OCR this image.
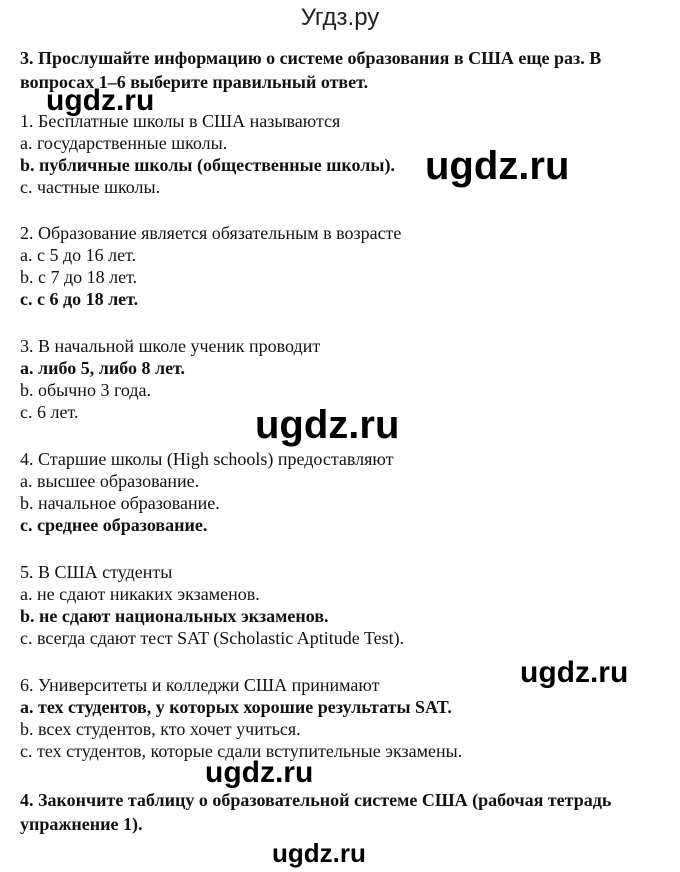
Угдз.ру

3. Прослушайте информацию о системе образования в США еще раз. В вопросах 1–6 выберите правильный ответ.

1. Бесплатные школы в США называются
a. государственные школы.
b. публичные школы (общественные школы).
c. частные школы.
2. Образование является обязательным в возрасте
a. с 5 до 16 лет.
b. с 7 до 18 лет.
c. с 6 до 18 лет.
3. В начальной школе ученик проводит
a. либо 5, либо 8 лет.
b. обычно 3 года.
c. 6 лет.
4. Старшие школы (High schools) предоставляют
a. высшее образование.
b. начальное образование.
c. среднее образование.
5. В США студенты
a. не сдают никаких экзаменов.
b. не сдают национальных экзаменов.
c. всегда сдают тест SAT (Scholastic Aptitude Test).
6. Университеты и колледжи США принимают
a. тех студентов, у которых хорошие результаты SAT.
b. всех студентов, кто хочет учиться.
c. тех студентов, которые сдали вступительные экзамены.

4. Закончите таблицу о образовательной системе США (рабочая тетрадь упражнение 1).

ugdz.ru
ugdz.ru
ugdz.ru
ugdz.ru
ugdz.ru
ugdz.ru
